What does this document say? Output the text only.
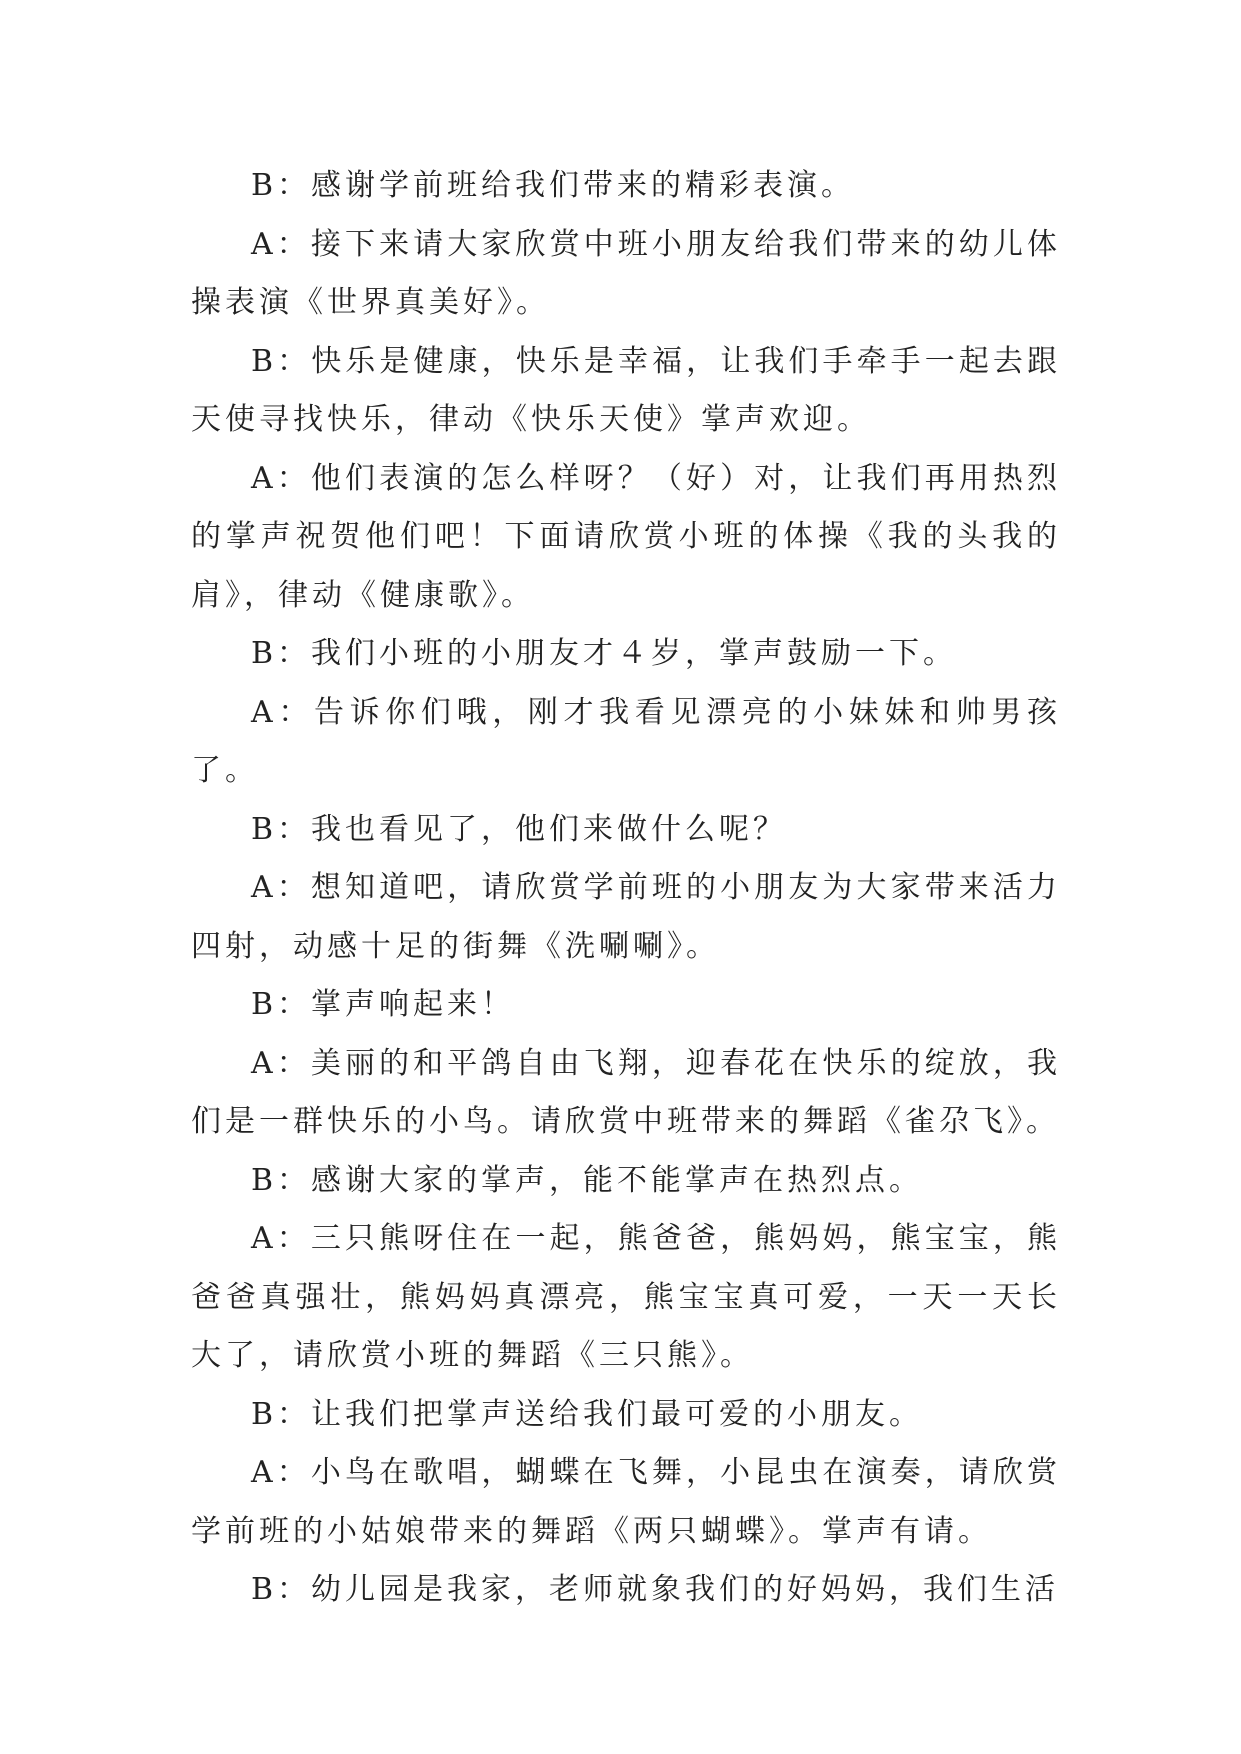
B：感谢学前班给我们带来的精彩表演。

A：接下来请大家欣赏中班小朋友给我们带来的幼儿体操表演《世界真美好》。

B：快乐是健康，快乐是幸福，让我们手牵手一起去跟天使寻找快乐，律动《快乐天使》掌声欢迎。

A：他们表演的怎么样呀？（好）对，让我们再用热烈的掌声祝贺他们吧！下面请欣赏小班的体操《我的头我的肩》，律动《健康歌》。

B：我们小班的小朋友才４岁，掌声鼓励一下。

A：告诉你们哦，刚才我看见漂亮的小妹妹和帅男孩了。

B：我也看见了，他们来做什么呢？

A：想知道吧，请欣赏学前班的小朋友为大家带来活力四射，动感十足的街舞《洗唰唰》。

B：掌声响起来！

A：美丽的和平鸽自由飞翔，迎春花在快乐的绽放，我们是一群快乐的小鸟。请欣赏中班带来的舞蹈《雀尕飞》。

B：感谢大家的掌声，能不能掌声在热烈点。

A：三只熊呀住在一起，熊爸爸，熊妈妈，熊宝宝，熊爸爸真强壮，熊妈妈真漂亮，熊宝宝真可爱，一天一天长大了，请欣赏小班的舞蹈《三只熊》。

B：让我们把掌声送给我们最可爱的小朋友。

A：小鸟在歌唱，蝴蝶在飞舞，小昆虫在演奏，请欣赏学前班的小姑娘带来的舞蹈《两只蝴蝶》。掌声有请。

B：幼儿园是我家，老师就象我们的好妈妈，我们生活
